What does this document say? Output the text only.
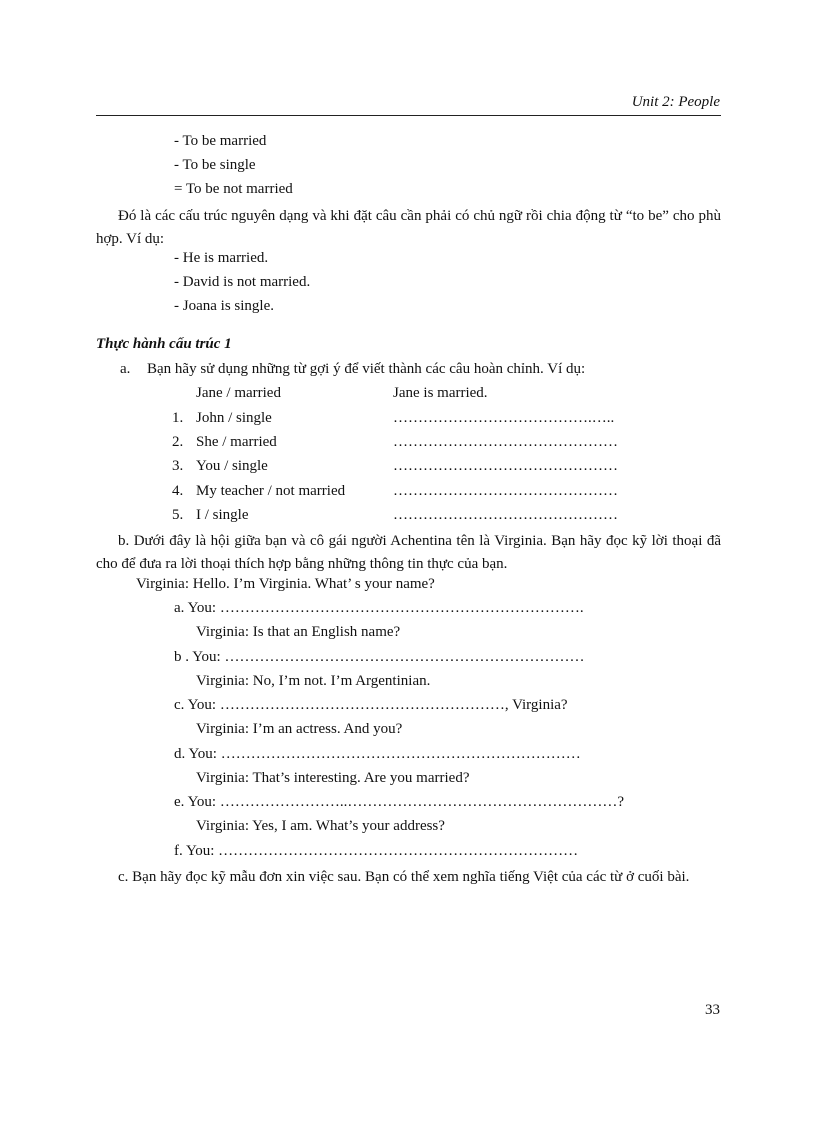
Unit 2: People
- To be married
- To be single
= To be not married
Đó là các cấu trúc nguyên dạng và khi đặt câu cần phải có chủ ngữ rồi chia động từ “to be” cho phù hợp. Ví dụ:
- He is married.
- David is not married.
- Joana is single.
Thực hành cấu trúc 1
a. Bạn hãy sử dụng những từ gợi ý để viết thành các câu hoàn chỉnh. Ví dụ:
Jane / married	Jane is married.
1. John / single	………………………………….…..
2. She / married	………………………………………
3. You / single	………………………………………
4. My teacher / not married	………………………………………
5. I / single	………………………………………
b. Dưới đây là hội giữa bạn và cô gái người Achentina tên là Virginia. Bạn hãy đọc kỹ lời thoại đã cho để đưa ra lời thoại thích hợp bằng những thông tin thực của bạn.
Virginia: Hello. I’m Virginia. What’ s your name?
a. You: ……………………………………………………………….
Virginia: Is that an English name?
b . You: ………………………………………………………………
Virginia: No, I’m not. I’m Argentinian.
c. You: …………………………………………………, Virginia?
Virginia: I’m an actress. And you?
d. You: ………………………………………………………………
Virginia: That’s interesting. Are you married?
e. You: ……………………..………………………………………………?
Virginia: Yes, I am. What’s your address?
f. You: ………………………………………………………………
c. Bạn hãy đọc kỹ mẫu đơn xin việc sau. Bạn có thể xem nghĩa tiếng Việt của các từ ở cuối bài.
33
